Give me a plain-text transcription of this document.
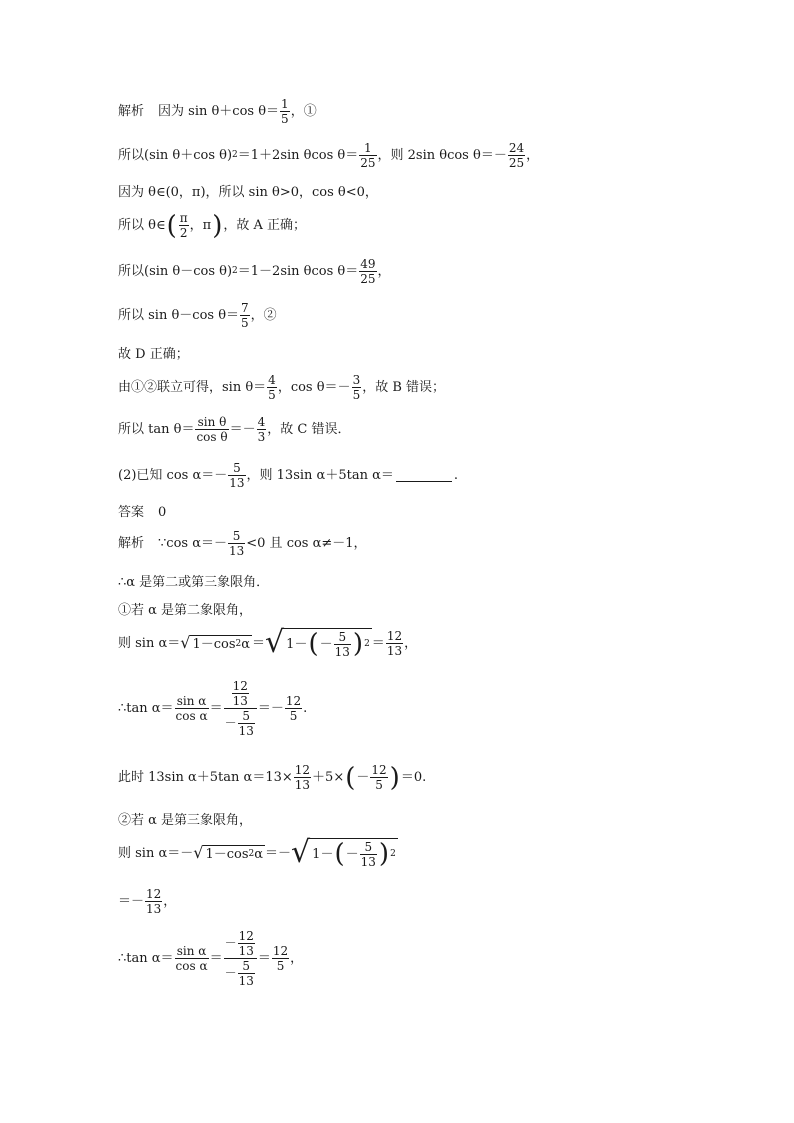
解析 因为 sin θ＋cos $\theta= \frac{1}{5}$ ，①
所以(sin θ＋cos θ) 2 ＝1＋2sin θcos $\theta= \frac{1}{25}$ ，则 2sin θcos $\theta=- \frac{24}{25}$ ，
因为 θ∈(0，π)，所以 sin θ>0，cos θ<0，
所以 θ∈ ( $\frac{\pi}{2}$ ，π ) ，故 A 正确；
所以(sin θ－cos θ) 2 ＝1－2sin θcos $\theta= \frac{49}{25}$ ，
所以 sin θ－cos $\theta= \frac{7}{5}$ ，②
故 D 正确；
由①②联立可得，$\sin \theta= \frac{4}{5}$ ，$\cos \theta=- \frac{3}{5}$ ，故 B 错误；
所以 $\tan \theta= \frac{\text{sin θ}}{\text{cos θ}} =- \frac{4}{3}$ ，故 C 错误．
(2)已知 $\cos \alpha=- \frac{5}{13}$ ，则 13sin α＋5tan α＝	.
答案 0
解析 ∵cos $\alpha=- \frac{5}{13} <0$ 且 cos α≠－1，
∴α 是第二或第三象限角．
①若 α 是第二象限角，
则 sin α＝ √ 1－cos 2 α ＝ √ 1－ ( － $\frac{5}{13}$ ) $2 = \frac{12}{13}$ ，
∴tan $\alpha= \frac{\text{sin α}}{\text{cos α}} = \frac{\frac{12}{13}}{- \frac{5}{13}} =- \frac{12}{5}$ .
此时 13sin α＋5tan $\alpha=13\times \frac{12}{13} +5\times$ ( － $\frac{12}{5}$ ) ＝0.
②若 α 是第三象限角，
则 sin α＝－ √ 1－cos 2 α ＝－ √ 1－ ( － $\frac{5}{13}$ ) 2
＝－ $\frac{12}{13}$ ，
∴tan $\alpha= \frac{\text{sin α}}{\text{cos α}} = \frac{- \frac{12}{13}}{- \frac{5}{13}} = \frac{12}{5}$ ，
